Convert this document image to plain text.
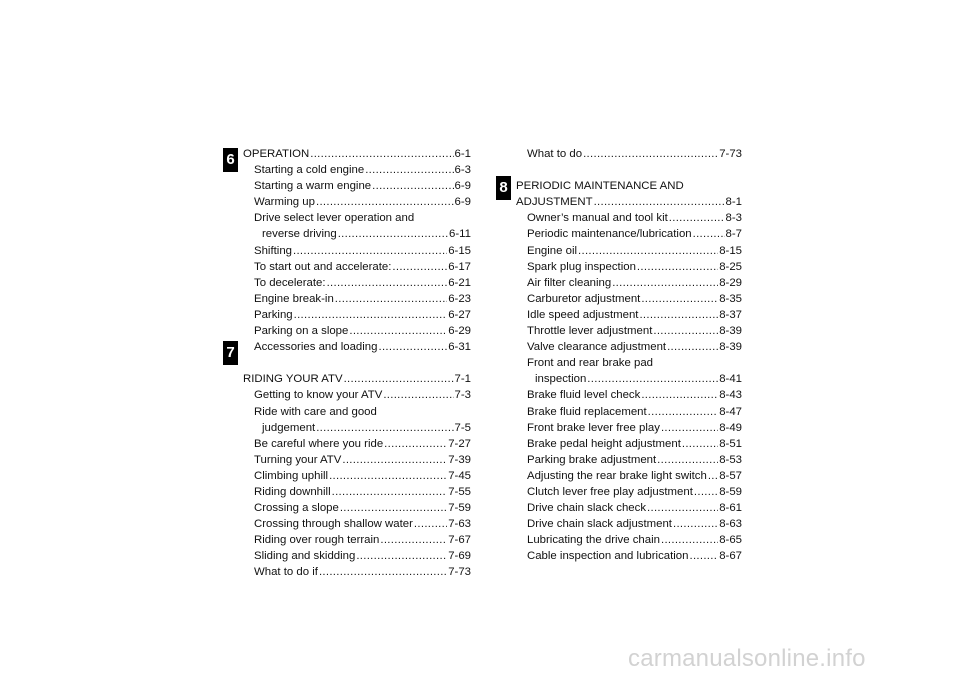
6
7
8
OPERATION .....	6-1
Starting a cold engine .....	6-3
Starting a warm engine .....	6-9
Warming up .....	6-9
Drive select lever operation and
reverse driving .....	6-11
Shifting .....	6-15
To start out and accelerate: .....	6-17
To decelerate: .....	6-21
Engine break-in .....	6-23
Parking .....	6-27
Parking on a slope .....	6-29
Accessories and loading .....	6-31
RIDING YOUR ATV .....	7-1
Getting to know your ATV .....	7-3
Ride with care and good
judgement .....	7-5
Be careful where you ride .....	7-27
Turning your ATV .....	7-39
Climbing uphill .....	7-45
Riding downhill .....	7-55
Crossing a slope .....	7-59
Crossing through shallow water .....	7-63
Riding over rough terrain .....	7-67
Sliding and skidding .....	7-69
What to do if .....	7-73
What to do .....	7-73
PERIODIC MAINTENANCE AND
ADJUSTMENT .....	8-1
Owner’s manual and tool kit .....	8-3
Periodic maintenance/lubrication .....	8-7
Engine oil .....	8-15
Spark plug inspection .....	8-25
Air filter cleaning .....	8-29
Carburetor adjustment .....	8-35
Idle speed adjustment .....	8-37
Throttle lever adjustment .....	8-39
Valve clearance adjustment .....	8-39
Front and rear brake pad
inspection .....	8-41
Brake fluid level check .....	8-43
Brake fluid replacement .....	8-47
Front brake lever free play .....	8-49
Brake pedal height adjustment .....	8-51
Parking brake adjustment .....	8-53
Adjusting the rear brake light switch ..... 8-57
Clutch lever free play adjustment ..... 8-59
Drive chain slack check .....	8-61
Drive chain slack adjustment .....	8-63
Lubricating the drive chain .....	8-65
Cable inspection and lubrication .....	8-67
carmanualsonline.info
